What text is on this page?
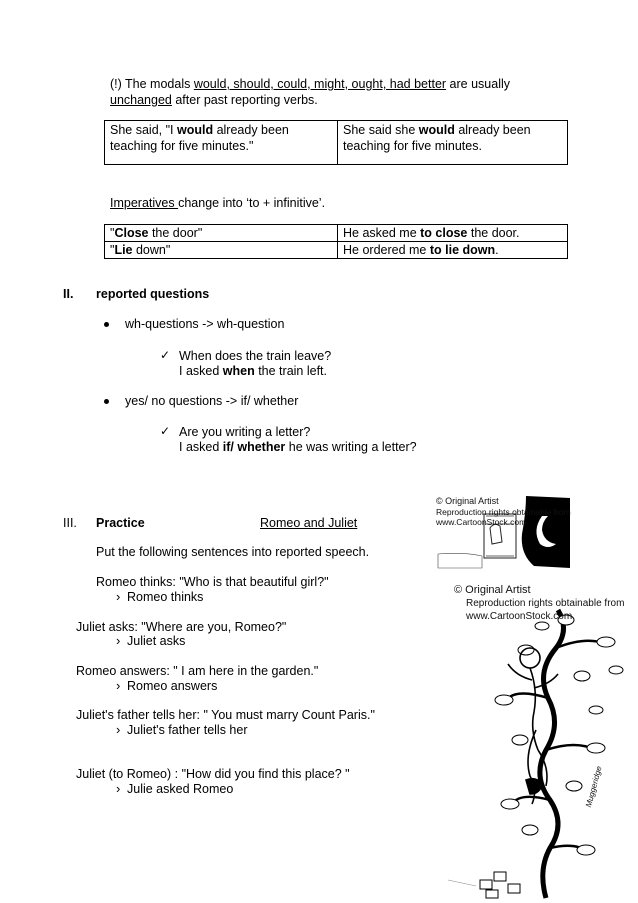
(!) The modals would, should, could, might, ought, had better are usually
unchanged after past reporting verbs.
She said, "I would already been
teaching for five minutes."	She said she would already been
teaching for five minutes.
Imperatives change into ‘to + infinitive’.
"Close the door"	He asked me to close the door.
"Lie down"	He ordered me to lie down.
II. reported questions
wh-questions -> wh-question
✓ When does the train leave?
I asked when the train left.
yes/ no questions -> if/ whether
✓ Are you writing a letter?
I asked if/ whether he was writing a letter?
III. Practice	Romeo and Juliet
Put the following sentences into reported speech.
Romeo thinks: "Who is that beautiful girl?"
› Romeo thinks
Juliet asks: "Where are you, Romeo?"
› Juliet asks
Romeo answers: " I am here in the garden."
› Romeo answers
Juliet's father tells her: " You must marry Count Paris."
› Juliet's father tells her
Juliet (to Romeo) : "How did you find this place? "
› Julie asked Romeo
© Original Artist
Reproduction rights obtainable from
www.CartoonStock.com
© Original Artist
Reproduction rights obtainable from
www.CartoonStock.com
Muggeridge
